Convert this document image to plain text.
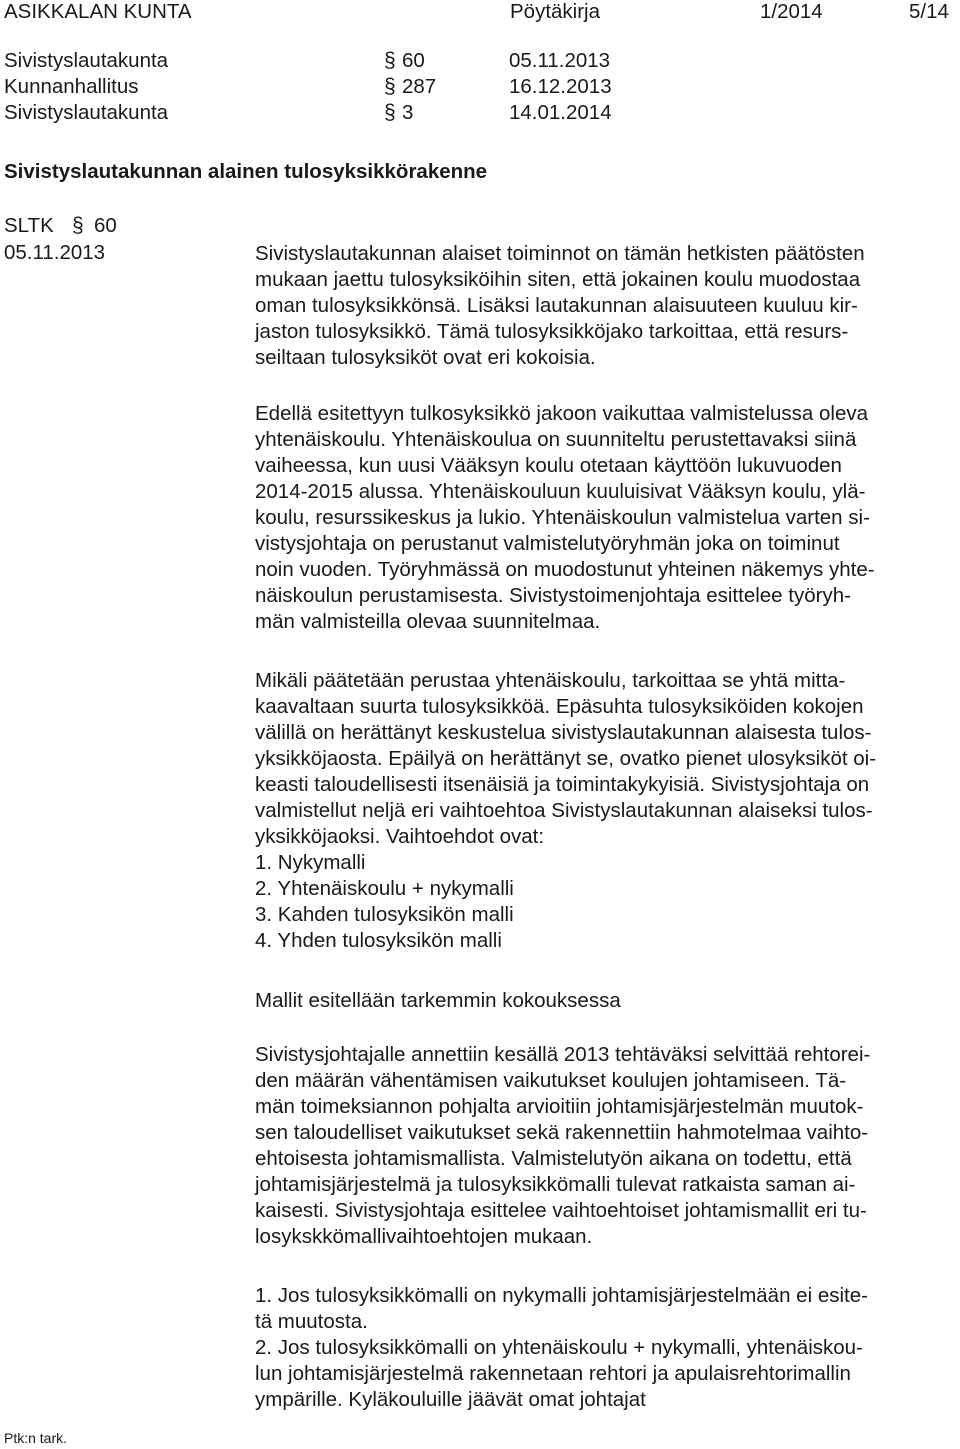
ASIKKALAN KUNTA	Pöytäkirja	1/2014	5/14
Sivistyslautakunta	§ 60	05.11.2013
Kunnanhallitus	§ 287	16.12.2013
Sivistyslautakunta	§ 3	14.01.2014
Sivistyslautakunnan alainen tulosyksikkörakenne
SLTK § 60
05.11.2013	Sivistyslautakunnan alaiset toiminnot on tämän hetkisten päätösten
mukaan jaettu tulosyksiköihin siten, että jokainen koulu muodostaa
oman tulosyksikkönsä. Lisäksi lautakunnan alaisuuteen kuuluu kir-
jaston tulosyksikkö. Tämä tulosyksikköjako tarkoittaa, että resurs-
seiltaan tulosyksiköt ovat eri kokoisia.
Edellä esitettyyn tulkosyksikkö jakoon vaikuttaa valmistelussa oleva
yhtenäiskoulu. Yhtenäiskoulua on suunniteltu perustettavaksi siinä
vaiheessa, kun uusi Vääksyn koulu otetaan käyttöön lukuvuoden
2014-2015 alussa. Yhtenäiskouluun kuuluisivat Vääksyn koulu, ylä-
koulu, resurssikeskus ja lukio. Yhtenäiskoulun valmistelua varten si-
vistysjohtaja on perustanut valmistelutyöryhmän joka on toiminut
noin vuoden. Työryhmässä on muodostunut yhteinen näkemys yhte-
näiskoulun perustamisesta. Sivistystoimenjohtaja esittelee työryh-
män valmisteilla olevaa suunnitelmaa.
Mikäli päätetään perustaa yhtenäiskoulu, tarkoittaa se yhtä mitta-
kaavaltaan suurta tulosyksikköä. Epäsuhta tulosyksiköiden kokojen
välillä on herättänyt keskustelua sivistyslautakunnan alaisesta tulos-
yksikköjaosta. Epäilyä on herättänyt se, ovatko pienet ulosyksiköt oi-
keasti taloudellisesti itsenäisiä ja toimintakykyisiä. Sivistysjohtaja on
valmistellut neljä eri vaihtoehtoa Sivistyslautakunnan alaiseksi tulos-
yksikköjaoksi. Vaihtoehdot ovat:
1. Nykymalli
2. Yhtenäiskoulu + nykymalli
3. Kahden tulosyksikön malli
4. Yhden tulosyksikön malli
Mallit esitellään tarkemmin kokouksessa
Sivistysjohtajalle annettiin kesällä 2013 tehtäväksi selvittää rehtorei-
den määrän vähentämisen vaikutukset koulujen johtamiseen. Tä-
män toimeksiannon pohjalta arvioitiin johtamisjärjestelmän muutok-
sen taloudelliset vaikutukset sekä rakennettiin hahmotelmaa vaihto-
ehtoisesta johtamismallista. Valmistelutyön aikana on todettu, että
johtamisjärjestelmä ja tulosyksikkömalli tulevat ratkaista saman ai-
kaisesti. Sivistysjohtaja esittelee vaihtoehtoiset johtamismallit eri tu-
losykskkömallivaihtoehtojen mukaan.
1. Jos tulosyksikkömalli on nykymalli johtamisjärjestelmään ei esite-
tä muutosta.
2. Jos tulosyksikkömalli on yhtenäiskoulu + nykymalli, yhtenäiskou-
lun johtamisjärjestelmä rakennetaan rehtori ja apulaisrehtorimallin
ympärille. Kyläkouluille jäävät omat johtajat
Ptk:n tark.
